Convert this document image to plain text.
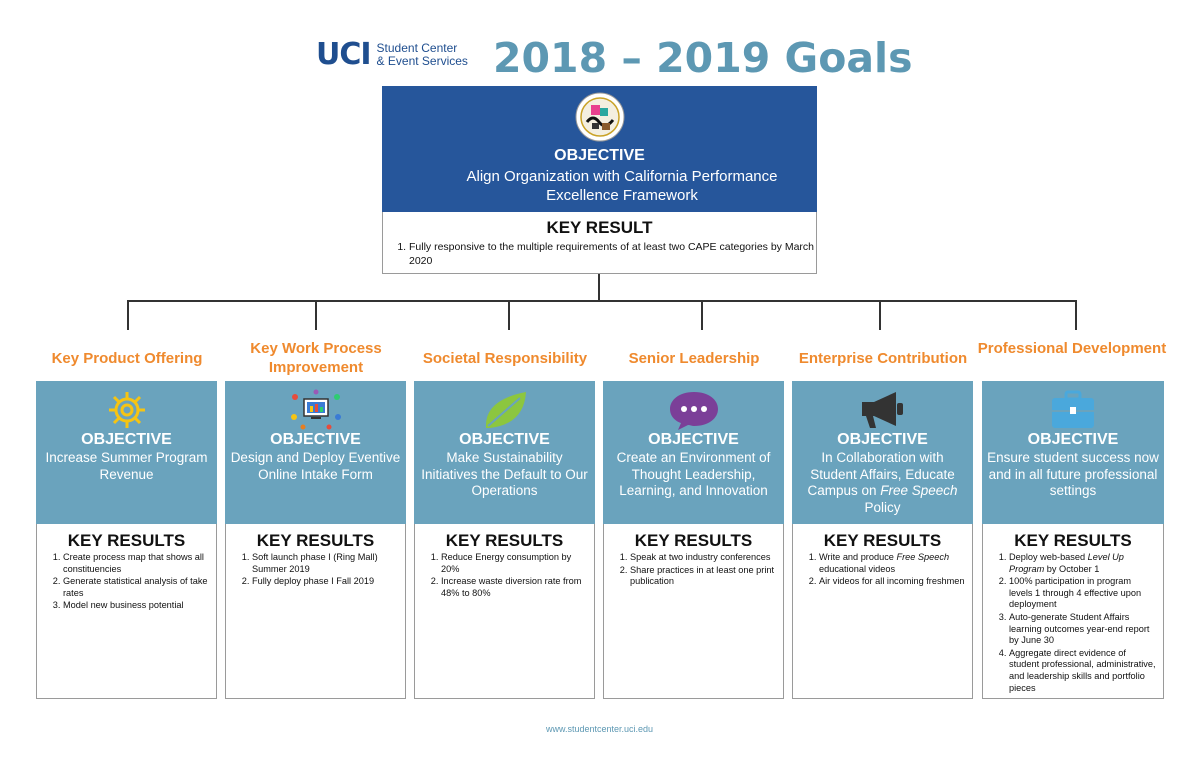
UCI Student Center
& Event Services 2018 – 2019 Goals
OBJECTIVE
Align Organization with California Performance Excellence Framework
KEY RESULT
1. Fully responsive to the multiple requirements of at least two CAPE categories by March 2020
Key Product Offering
OBJECTIVE
Increase Summer Program Revenue
KEY RESULTS
1. Create process map that shows all constituencies
2. Generate statistical analysis of take rates
3. Model new business potential
Key Work Process Improvement
OBJECTIVE
Design and Deploy Eventive Online Intake Form
KEY RESULTS
1. Soft launch phase I (Ring Mall) Summer 2019
2. Fully deploy phase I Fall 2019
Societal Responsibility
OBJECTIVE
Make Sustainability Initiatives the Default to Our Operations
KEY RESULTS
1. Reduce Energy consumption by 20%
2. Increase waste diversion rate from 48% to 80%
Senior Leadership
OBJECTIVE
Create an Environment of Thought Leadership, Learning, and Innovation
KEY RESULTS
1. Speak at two industry conferences
2. Share practices in at least one print publication
Enterprise Contribution
OBJECTIVE
In Collaboration with Student Affairs, Educate Campus on Free Speech Policy
KEY RESULTS
1. Write and produce Free Speech educational videos
2. Air videos for all incoming freshmen
Professional Development
OBJECTIVE
Ensure student success now and in all future professional settings
KEY RESULTS
1. Deploy web-based Level Up Program by October 1
2. 100% participation in program levels 1 through 4 effective upon deployment
3. Auto-generate Student Affairs learning outcomes year-end report by June 30
4. Aggregate direct evidence of student professional, administrative, and leadership skills and portfolio pieces
www.studentcenter.uci.edu
